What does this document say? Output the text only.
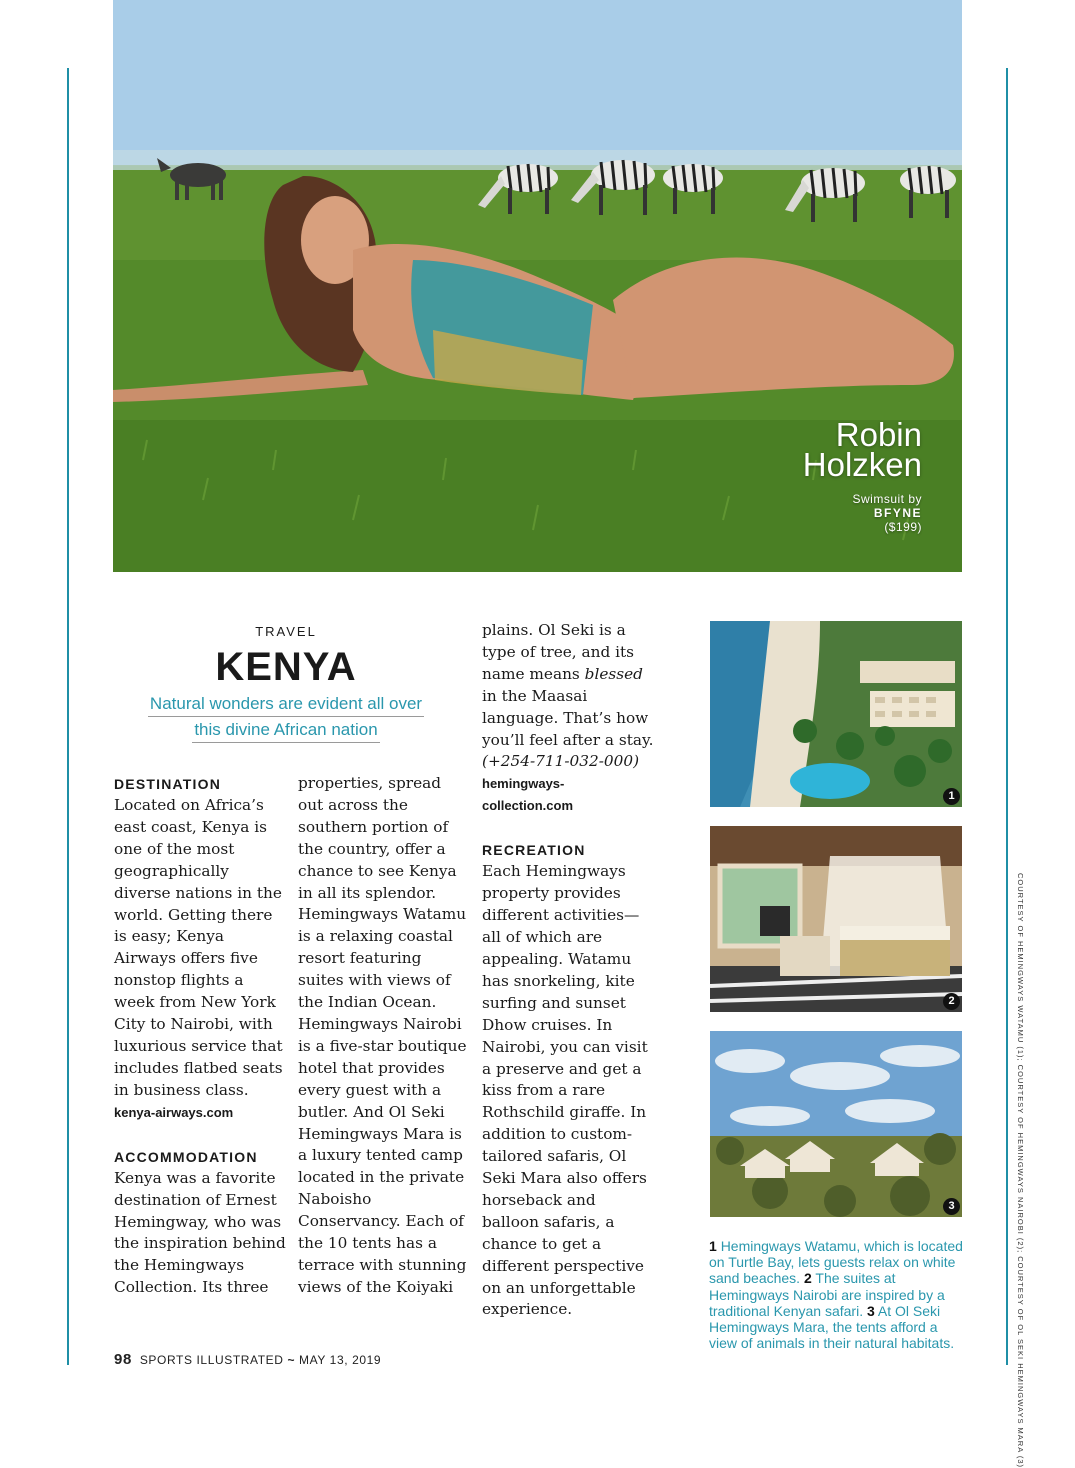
Robin
Holzken
Swimsuit by
BFYNE
($199)
TRAVEL
KENYA
Natural wonders are evident all over
this divine African nation
DESTINATION

Located on Africa’s east coast, Kenya is one of the most geographically diverse nations in the world. Getting there is easy; Kenya Airways offers five nonstop flights a week from New York City to Nairobi, with luxurious service that includes flatbed seats in business class.

kenya-airways.com
ACCOMMODATION

Kenya was a favorite destination of Ernest Hemingway, who was the inspiration behind the Hemingways Collection. Its three

properties, spread out across the southern portion of the country, offer a chance to see Kenya in all its splendor. Hemingways Watamu is a relaxing coastal resort featuring suites with views of the Indian Ocean. Hemingways Nairobi is a five-star boutique hotel that provides every guest with a butler. And Ol Seki Hemingways Mara is a luxury tented camp located in the private Naboisho Conservancy. Each of the 10 tents has a terrace with stunning views of the Koiyaki

plains. Ol Seki is a type of tree, and its name means blessed in the Maasai language. That’s how you’ll feel after a stay. (+254-711-032-000)

hemingways-collection.com
RECREATION

Each Hemingways property provides different activities—all of which are appealing. Watamu has snorkeling, kite surfing and sunset Dhow cruises. In Nairobi, you can visit a preserve and get a kiss from a rare Rothschild giraffe. In addition to custom-tailored safaris, Ol Seki Mara also offers horseback and balloon safaris, a chance to get a different perspective on an unforgettable experience.

1
2
3
1 Hemingways Watamu, which is located on Turtle Bay, lets guests relax on white sand beaches. 2 The suites at Hemingways Nairobi are inspired by a traditional Kenyan safari. 3 At Ol Seki Hemingways Mara, the tents afford a view of animals in their natural habitats.	COURTESY OF HEMINGWAYS WATAMU (1); COURTESY OF HEMINGWAYS NAIROBI (2); COURTESY OF OL SEKI HEMINGWAYS MARA (3)
98 SPORTS ILLUSTRATED ~ MAY 13, 2019
